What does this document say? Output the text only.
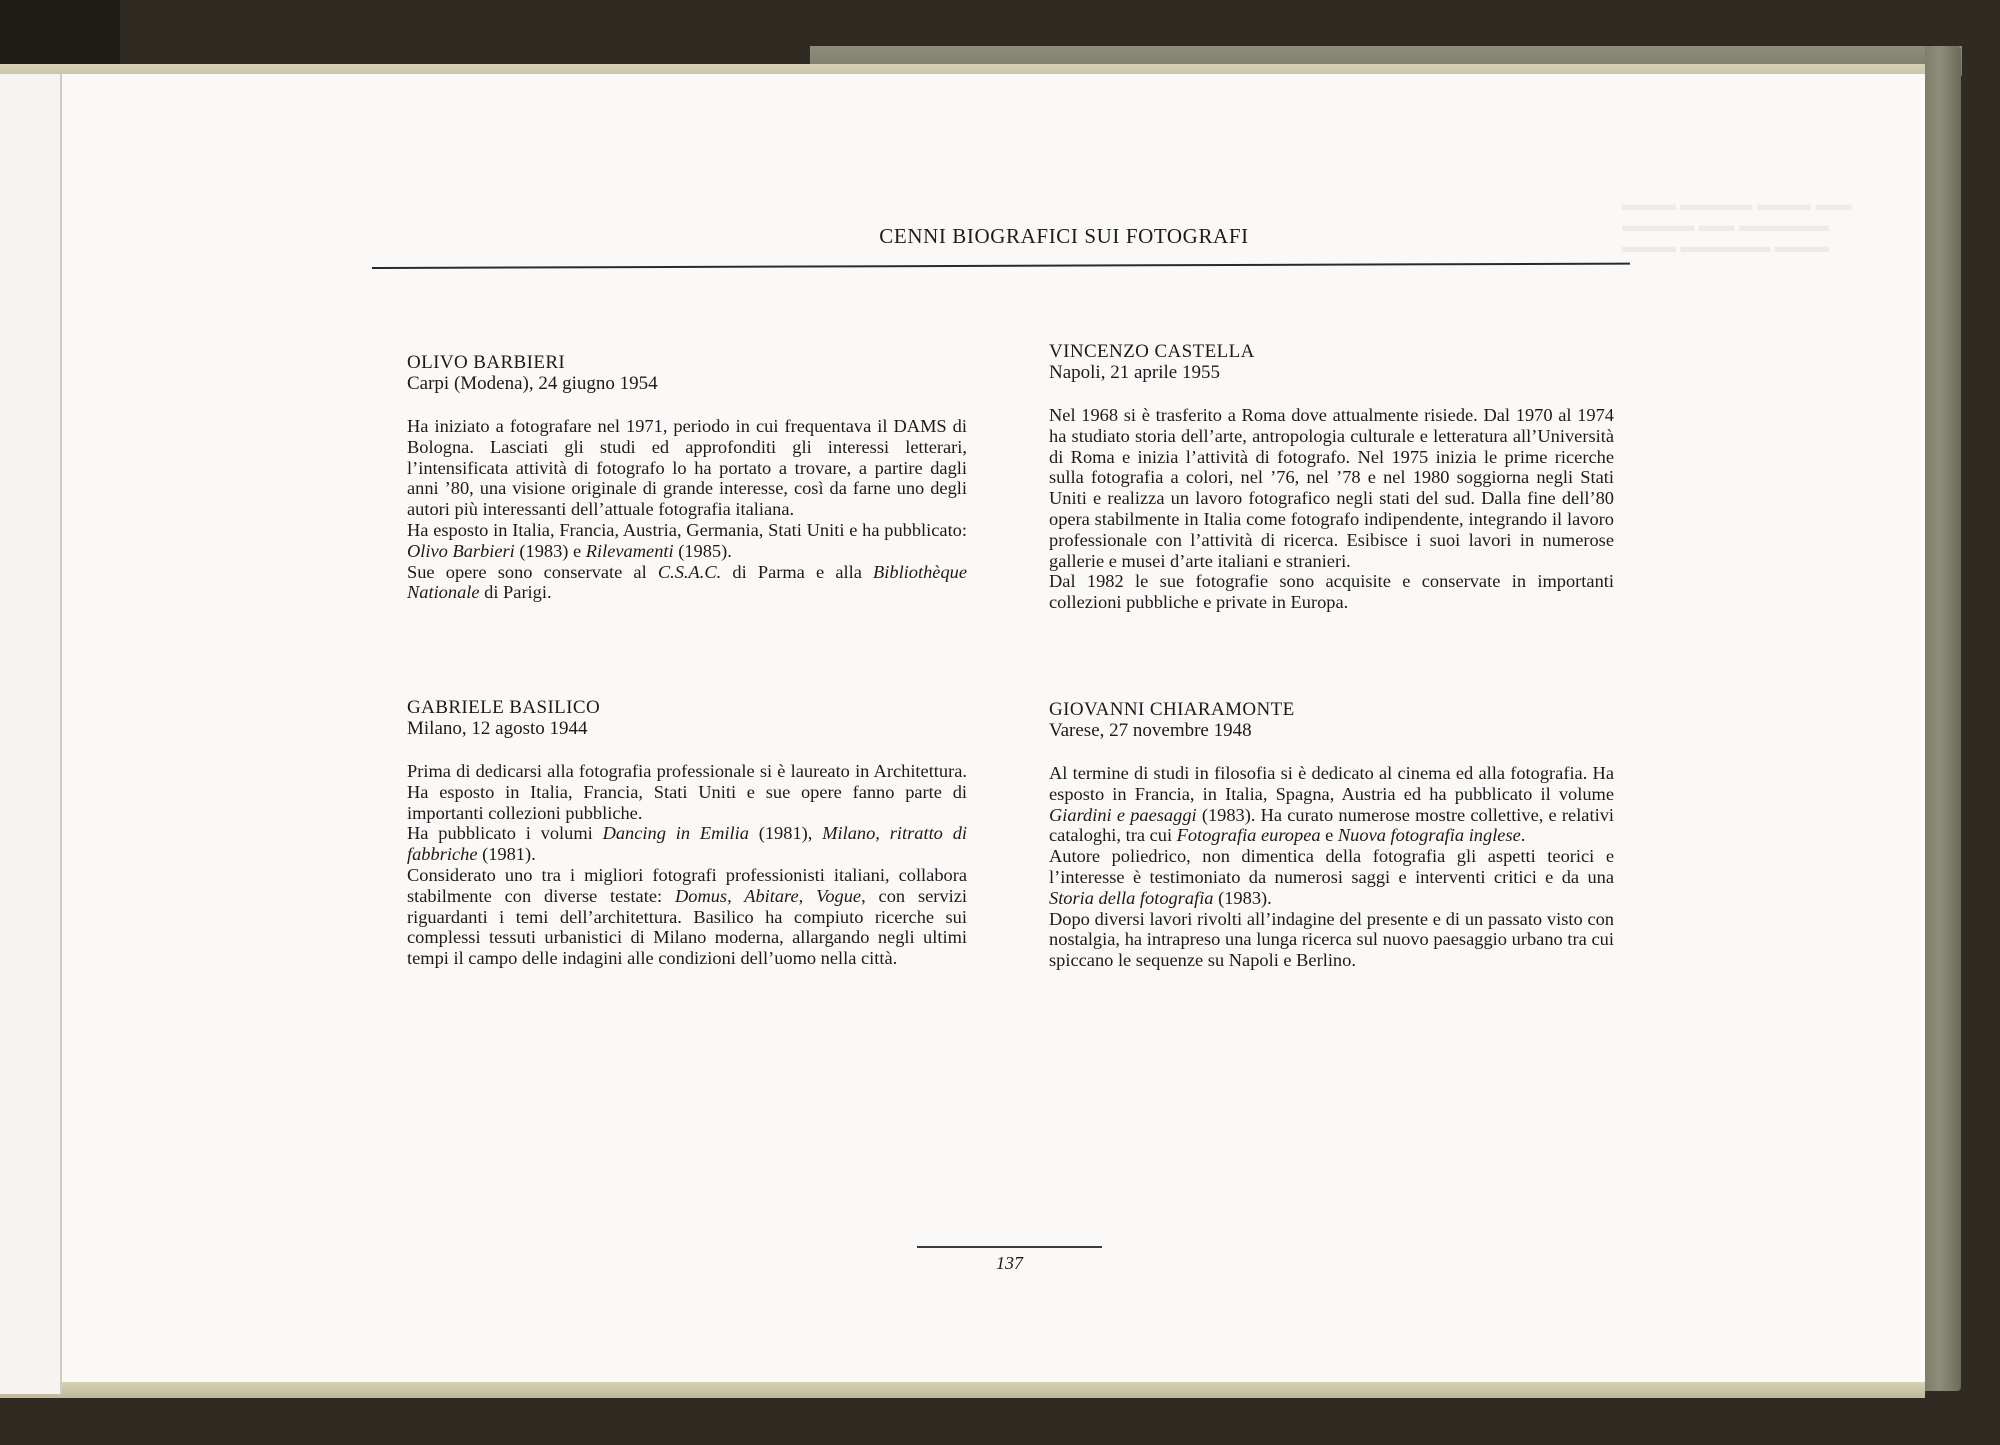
▬▬▬ ▬▬▬▬ ▬▬▬ ▬▬
▬▬▬▬ ▬▬ ▬▬▬▬▬
▬▬▬ ▬▬▬▬▬ ▬▬▬
CENNI BIOGRAFICI SUI FOTOGRAFI
OLIVO BARBIERI
Carpi (Modena), 24 giugno 1954

Ha iniziato a fotografare nel 1971, periodo in cui frequentava il DAMS di Bologna. Lasciati gli studi ed approfonditi gli interessi letterari, l’intensificata attività di fotografo lo ha portato a trovare, a partire dagli anni ’80, una visione originale di grande interesse, così da farne uno degli autori più interessanti dell’attuale fotografia italiana.

Ha esposto in Italia, Francia, Austria, Germania, Stati Uniti e ha pubblicato: Olivo Barbieri (1983) e Rilevamenti (1985).

Sue opere sono conservate al C.S.A.C. di Parma e alla Bibliothèque Nationale di Parigi.

GABRIELE BASILICO
Milano, 12 agosto 1944

Prima di dedicarsi alla fotografia professionale si è laureato in Architettura. Ha esposto in Italia, Francia, Stati Uniti e sue opere fanno parte di importanti collezioni pubbliche.

Ha pubblicato i volumi Dancing in Emilia (1981), Milano, ritratto di fabbriche (1981).

Considerato uno tra i migliori fotografi professionisti italiani, collabora stabilmente con diverse testate: Domus, Abitare, Vogue, con servizi riguardanti i temi dell’architettura. Basilico ha compiuto ricerche sui complessi tessuti urbanistici di Milano moderna, allargando negli ultimi tempi il campo delle indagini alle condizioni dell’uomo nella città.

VINCENZO CASTELLA
Napoli, 21 aprile 1955

Nel 1968 si è trasferito a Roma dove attualmente risiede. Dal 1970 al 1974 ha studiato storia dell’arte, antropologia culturale e letteratura all’Università di Roma e inizia l’attività di fotografo. Nel 1975 inizia le prime ricerche sulla fotografia a colori, nel ’76, nel ’78 e nel 1980 soggiorna negli Stati Uniti e realizza un lavoro fotografico negli stati del sud. Dalla fine dell’80 opera stabilmente in Italia come fotografo indipendente, integrando il lavoro professionale con l’attività di ricerca. Esibisce i suoi lavori in numerose gallerie e musei d’arte italiani e stranieri.

Dal 1982 le sue fotografie sono acquisite e conservate in importanti collezioni pubbliche e private in Europa.

GIOVANNI CHIARAMONTE
Varese, 27 novembre 1948

Al termine di studi in filosofia si è dedicato al cinema ed alla fotografia. Ha esposto in Francia, in Italia, Spagna, Austria ed ha pubblicato il volume Giardini e paesaggi (1983). Ha curato numerose mostre collettive, e relativi cataloghi, tra cui Fotografia europea e Nuova fotografia inglese.

Autore poliedrico, non dimentica della fotografia gli aspetti teorici e l’interesse è testimoniato da numerosi saggi e interventi critici e da una Storia della fotografia (1983).

Dopo diversi lavori rivolti all’indagine del presente e di un passato visto con nostalgia, ha intrapreso una lunga ricerca sul nuovo paesaggio urbano tra cui spiccano le sequenze su Napoli e Berlino.

137
